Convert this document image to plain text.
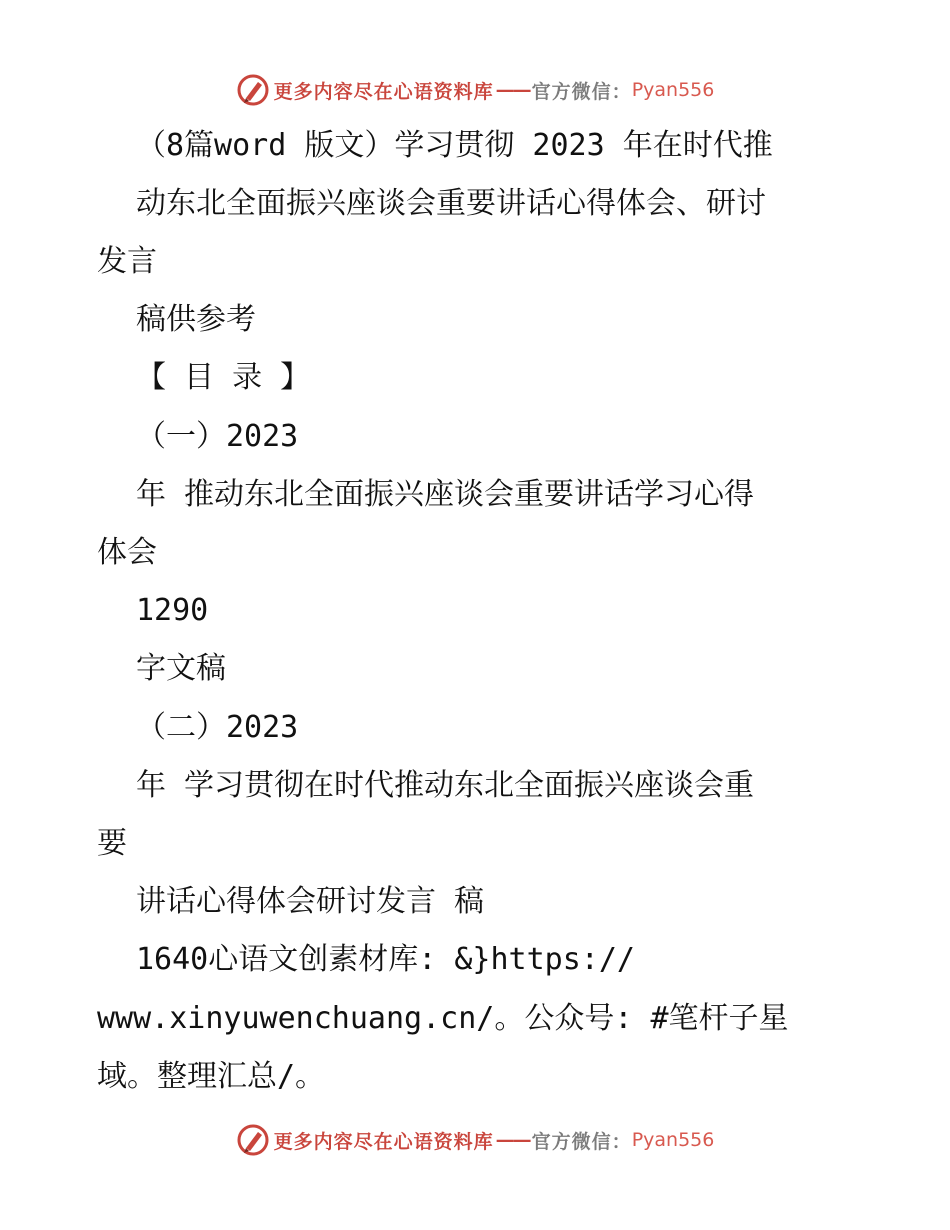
更多内容尽在心语资料库 —— 官方微信： Pyan556
（8篇word 版文）学习贯彻 2023 年在时代推
动东北全面振兴座谈会重要讲话心得体会、研讨
发言
稿供参考
【 目 录 】
（一）2023
年 推动东北全面振兴座谈会重要讲话学习心得
体会
1290
字文稿
（二）2023
年 学习贯彻在时代推动东北全面振兴座谈会重
要
讲话心得体会研讨发言 稿
1640心语文创素材库: &}https://
www.xinyuwenchuang.cn/。公众号: #笔杆子星
域。整理汇总/。
更多内容尽在心语资料库 —— 官方微信： Pyan556
